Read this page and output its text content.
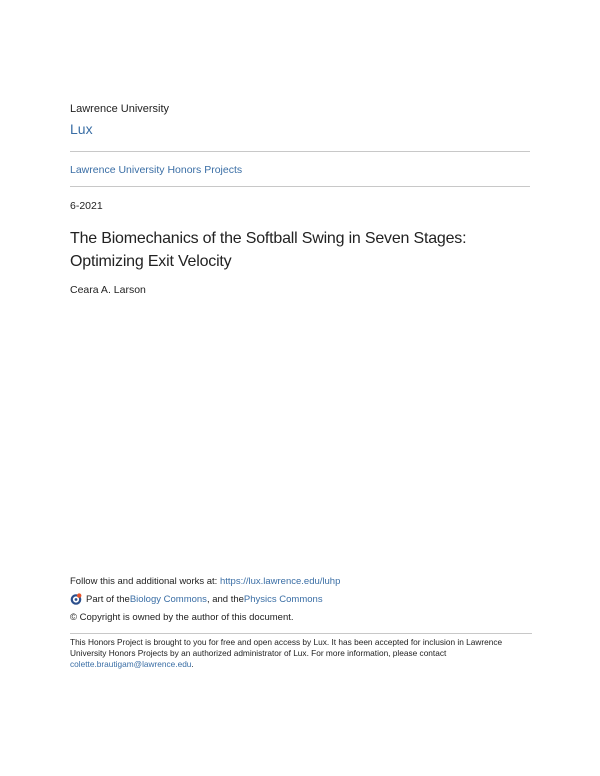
Lawrence University
Lux
Lawrence University Honors Projects
6-2021
The Biomechanics of the Softball Swing in Seven Stages: Optimizing Exit Velocity
Ceara A. Larson
Follow this and additional works at: https://lux.lawrence.edu/luhp
Part of the Biology Commons , and the Physics Commons
© Copyright is owned by the author of this document.
This Honors Project is brought to you for free and open access by Lux. It has been accepted for inclusion in Lawrence University Honors Projects by an authorized administrator of Lux. For more information, please contact colette.brautigam@lawrence.edu.
